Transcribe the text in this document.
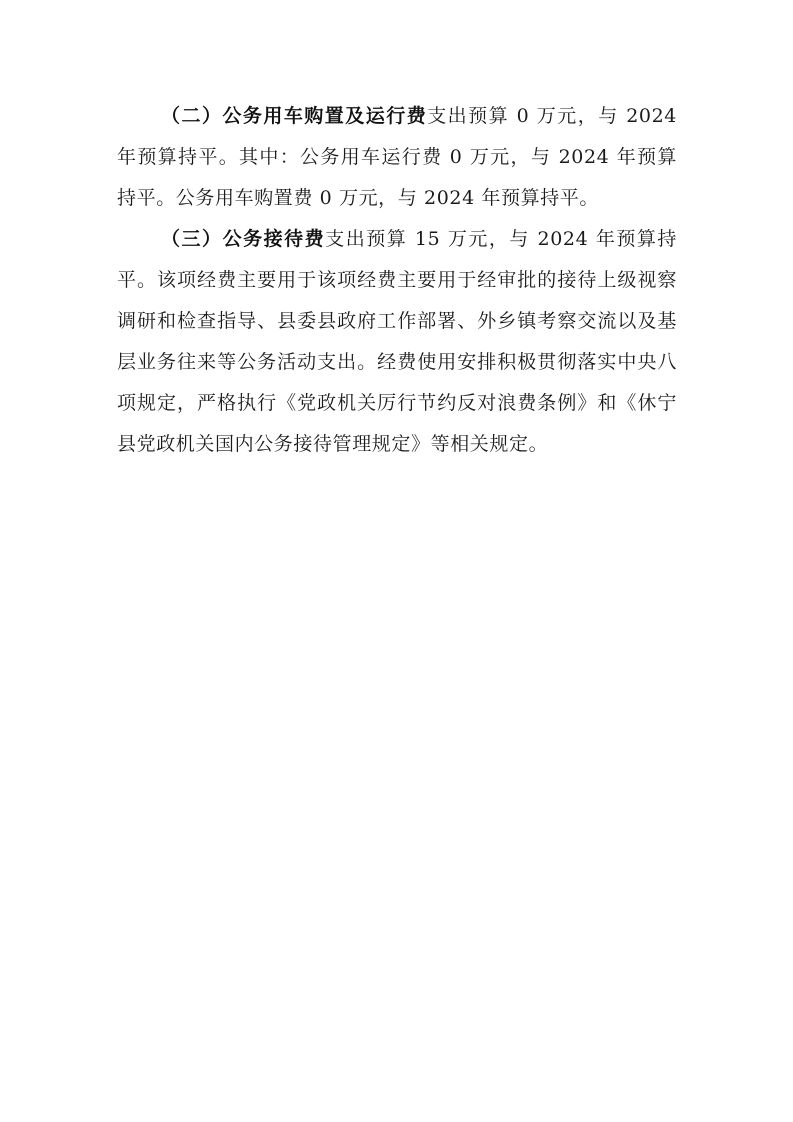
（二）公务用车购置及运行费支出预算 0 万元，与 2024 年预算持平。其中：公务用车运行费 0 万元，与 2024 年预算持平。公务用车购置费 0 万元，与 2024 年预算持平。

（三）公务接待费支出预算 15 万元，与 2024 年预算持平。该项经费主要用于该项经费主要用于经审批的接待上级视察调研和检查指导、县委县政府工作部署、外乡镇考察交流以及基层业务往来等公务活动支出。经费使用安排积极贯彻落实中央八项规定，严格执行《党政机关厉行节约反对浪费条例》和《休宁县党政机关国内公务接待管理规定》等相关规定。
